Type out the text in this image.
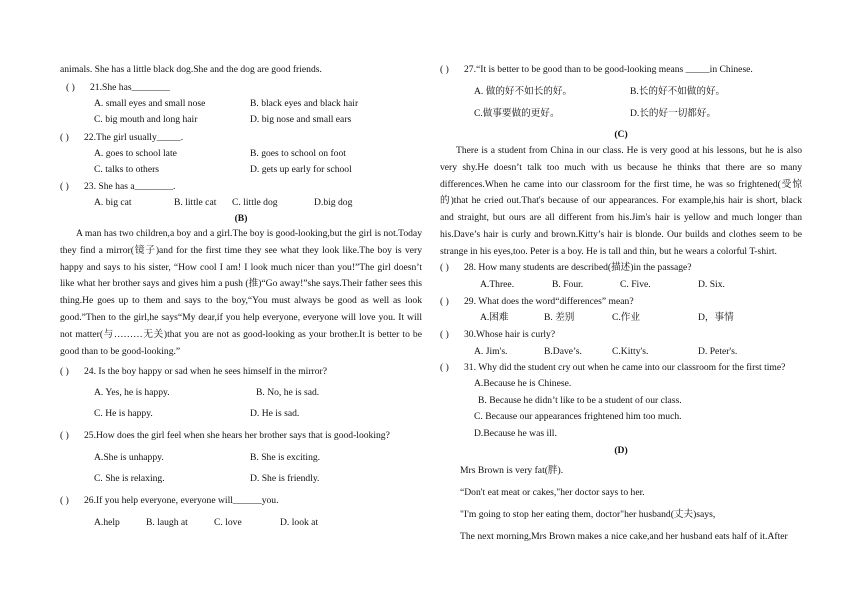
animals. She has a little black dog.She and the dog are good friends.
( ) 21.She has________
A. small eyes and small nose	B. black eyes and black hair
C. big mouth and long hair	D. big nose and small ears
( ) 22.The girl usually_____.
A. goes to school late	B. goes to school on foot
C. talks to others	D. gets up early for school
( ) 23. She has a________.
A. big cat	B. little cat C. little dog	D.big dog
(B)

A man has two children,a boy and a girl.The boy is good-looking,but the girl is not.Today they find a mirror(镜子)and for the first time they see what they look like.The boy is very happy and says to his sister, “How cool I am! I look much nicer than you!”The girl doesn’t like what her brother says and gives him a push (推)“Go away!”she says.Their father sees this thing.He goes up to them and says to the boy,“You must always be good as well as look good.”Then to the girl,he says“My dear,if you help everyone, everyone will love you. It will not matter(与………无关)that you are not as good-looking as your brother.It is better to be good than to be good-looking.”

( ) 24. Is the boy happy or sad when he sees himself in the mirror?
A. Yes, he is happy.	B. No, he is sad.
C. He is happy.	D. He is sad.
( ) 25.How does the girl feel when she hears her brother says that is good-looking?
A.She is unhappy.	B. She is exciting.
C. She is relaxing.	D. She is friendly.
( ) 26.If you help everyone, everyone will______you.
A.help	B. laugh at	C. love	D. look at
( ) 27.“It is better to be good than to be good-looking means _____in Chinese.
A. 做的好不如长的好。	B.长的好不如做的好。
C.做事要做的更好。	D.长的好一切都好。
(C)

There is a student from China in our class. He is very good at his lessons, but he is also very shy.He doesn’t talk too much with us because he thinks that there are so many differences.When he came into our classroom for the first time, he was so frightened(受惊的)that he cried out.That's because of our appearances. For example,his hair is short, black and straight, but ours are all different from his.Jim's hair is yellow and much longer than his.Dave’s hair is curly and brown.Kitty’s hair is blonde. Our builds and clothes seem to be strange in his eyes,too. Peter is a boy. He is tall and thin, but he wears a colorful T-shirt.

( ) 28. How many students are described(描述)in the passage?
A.Three.	B. Four.	C. Five.	D. Six.
( ) 29. What does the word“differences” mean?
A.困难	B. 差别	C.作业	D，事情
( ) 30.Whose hair is curly?
A. Jim's.	B.Dave’s.	C.Kitty's.	D. Peter's.
( ) 31. Why did the student cry out when he came into our classroom for the first time?
A.Because he is Chinese.
B. Because he didn’t like to be a student of our class.
C. Because our appearances frightened him too much.
D.Because he was ill.
(D)
Mrs Brown is very fat(胖).
“Don't eat meat or cakes,"her doctor says to her.
"I'm going to stop her eating them, doctor"her husband(丈夫)says,
The next morning,Mrs Brown makes a nice cake,and her husband eats half of it.After
